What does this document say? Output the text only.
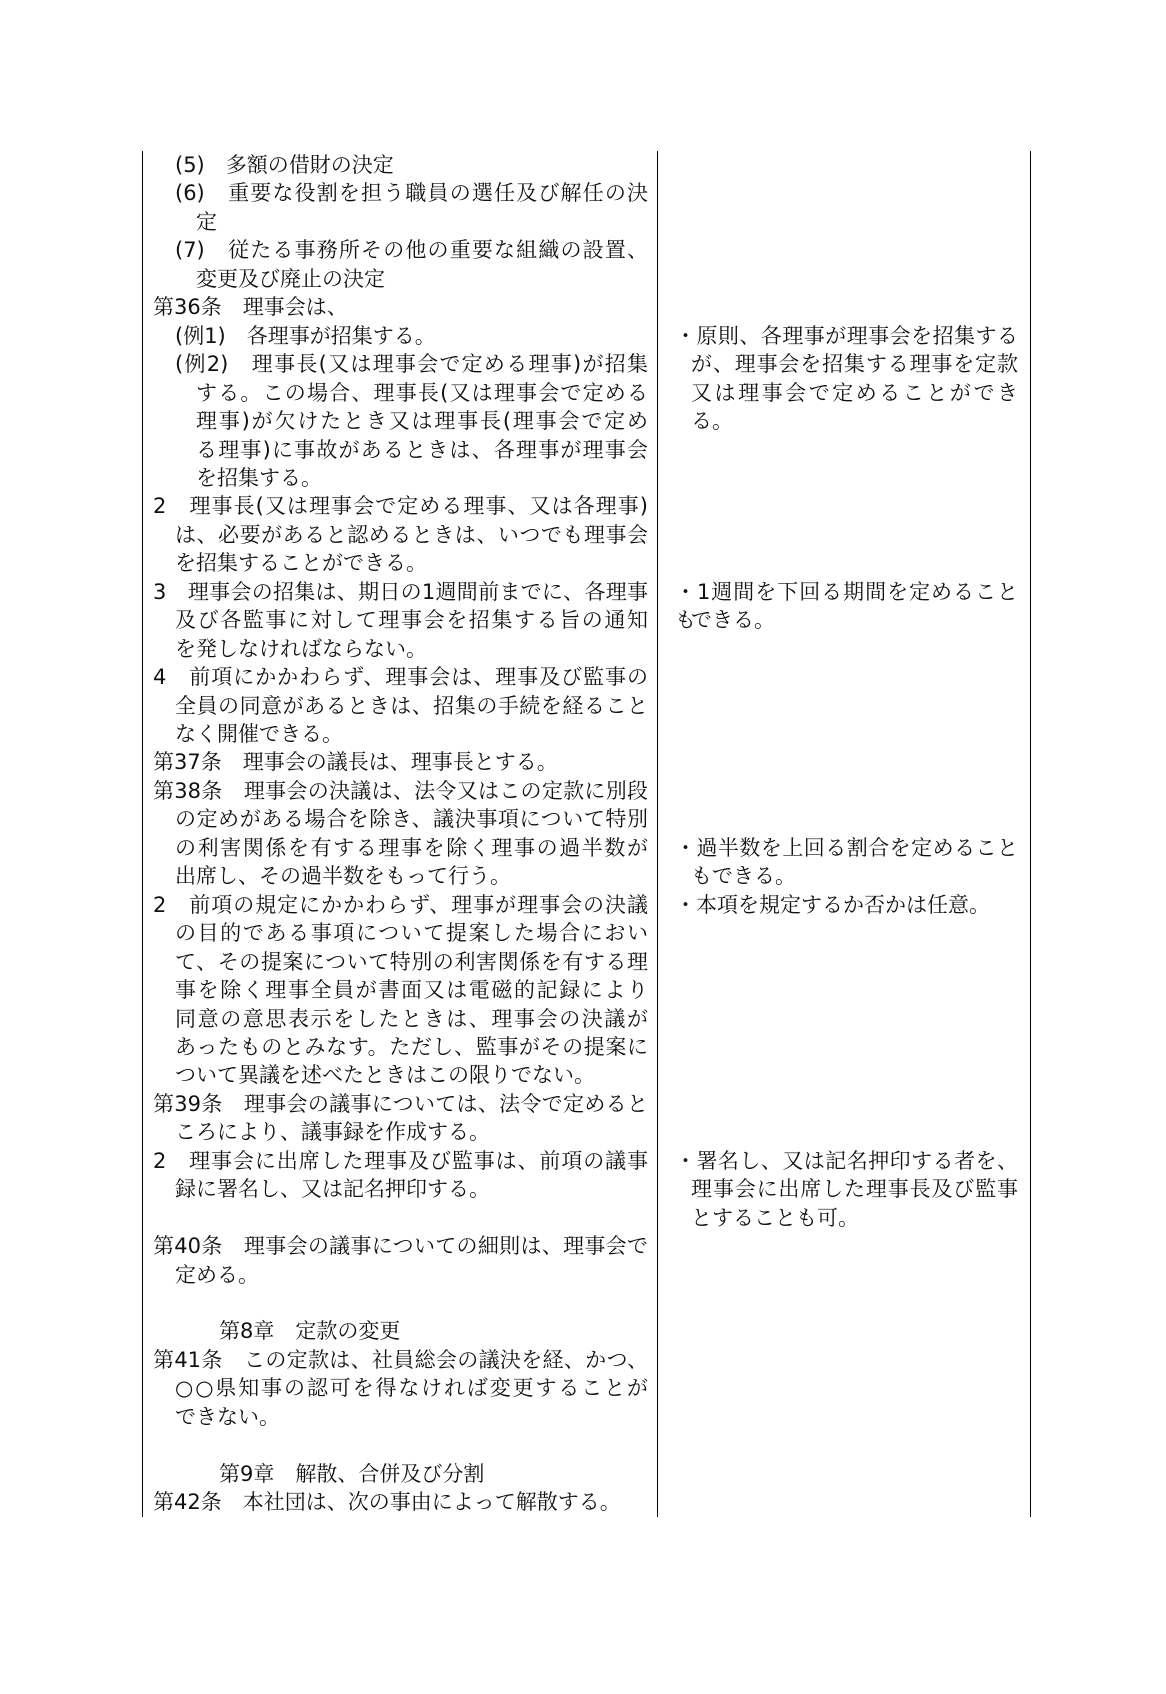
(5)　多額の借財の決定
(6)　重要な役割を担う職員の選任及び解任の決
定
(7)　従たる事務所その他の重要な組織の設置、
変更及び廃止の決定
第36条　理事会は、
(例1)　各理事が招集する。
(例2)　理事長(又は理事会で定める理事)が招集
する。この場合、理事長(又は理事会で定める
理事)が欠けたとき又は理事長(理事会で定め
る理事)に事故があるときは、各理事が理事会
を招集する。
2　理事長(又は理事会で定める理事、又は各理事)
は、必要があると認めるときは、いつでも理事会
を招集することができる。
3　理事会の招集は、期日の1週間前までに、各理事
及び各監事に対して理事会を招集する旨の通知
を発しなければならない。
4　前項にかかわらず、理事会は、理事及び監事の
全員の同意があるときは、招集の手続を経ること
なく開催できる。
第37条　理事会の議長は、理事長とする。
第38条　理事会の決議は、法令又はこの定款に別段
の定めがある場合を除き、議決事項について特別
の利害関係を有する理事を除く理事の過半数が
出席し、その過半数をもって行う。
2　前項の規定にかかわらず、理事が理事会の決議
の目的である事項について提案した場合におい
て、その提案について特別の利害関係を有する理
事を除く理事全員が書面又は電磁的記録により
同意の意思表示をしたときは、理事会の決議が
あったものとみなす。ただし、監事がその提案に
ついて異議を述べたときはこの限りでない。
第39条　理事会の議事については、法令で定めると
ころにより、議事録を作成する。
2　理事会に出席した理事及び監事は、前項の議事
録に署名し、又は記名押印する。
第40条　理事会の議事についての細則は、理事会で
定める。
第8章　定款の変更
第41条　この定款は、社員総会の議決を経、かつ、
○○県知事の認可を得なければ変更することが
できない。
第9章　解散、合併及び分割
第42条　本社団は、次の事由によって解散する。
・原則、各理事が理事会を招集する
が、理事会を招集する理事を定款
又は理事会で定めることができ
る。
・1週間を下回る期間を定めることも
できる。
・過半数を上回る割合を定めること
もできる。
・本項を規定するか否かは任意。
・署名し、又は記名押印する者を、
理事会に出席した理事長及び監事
とすることも可。
